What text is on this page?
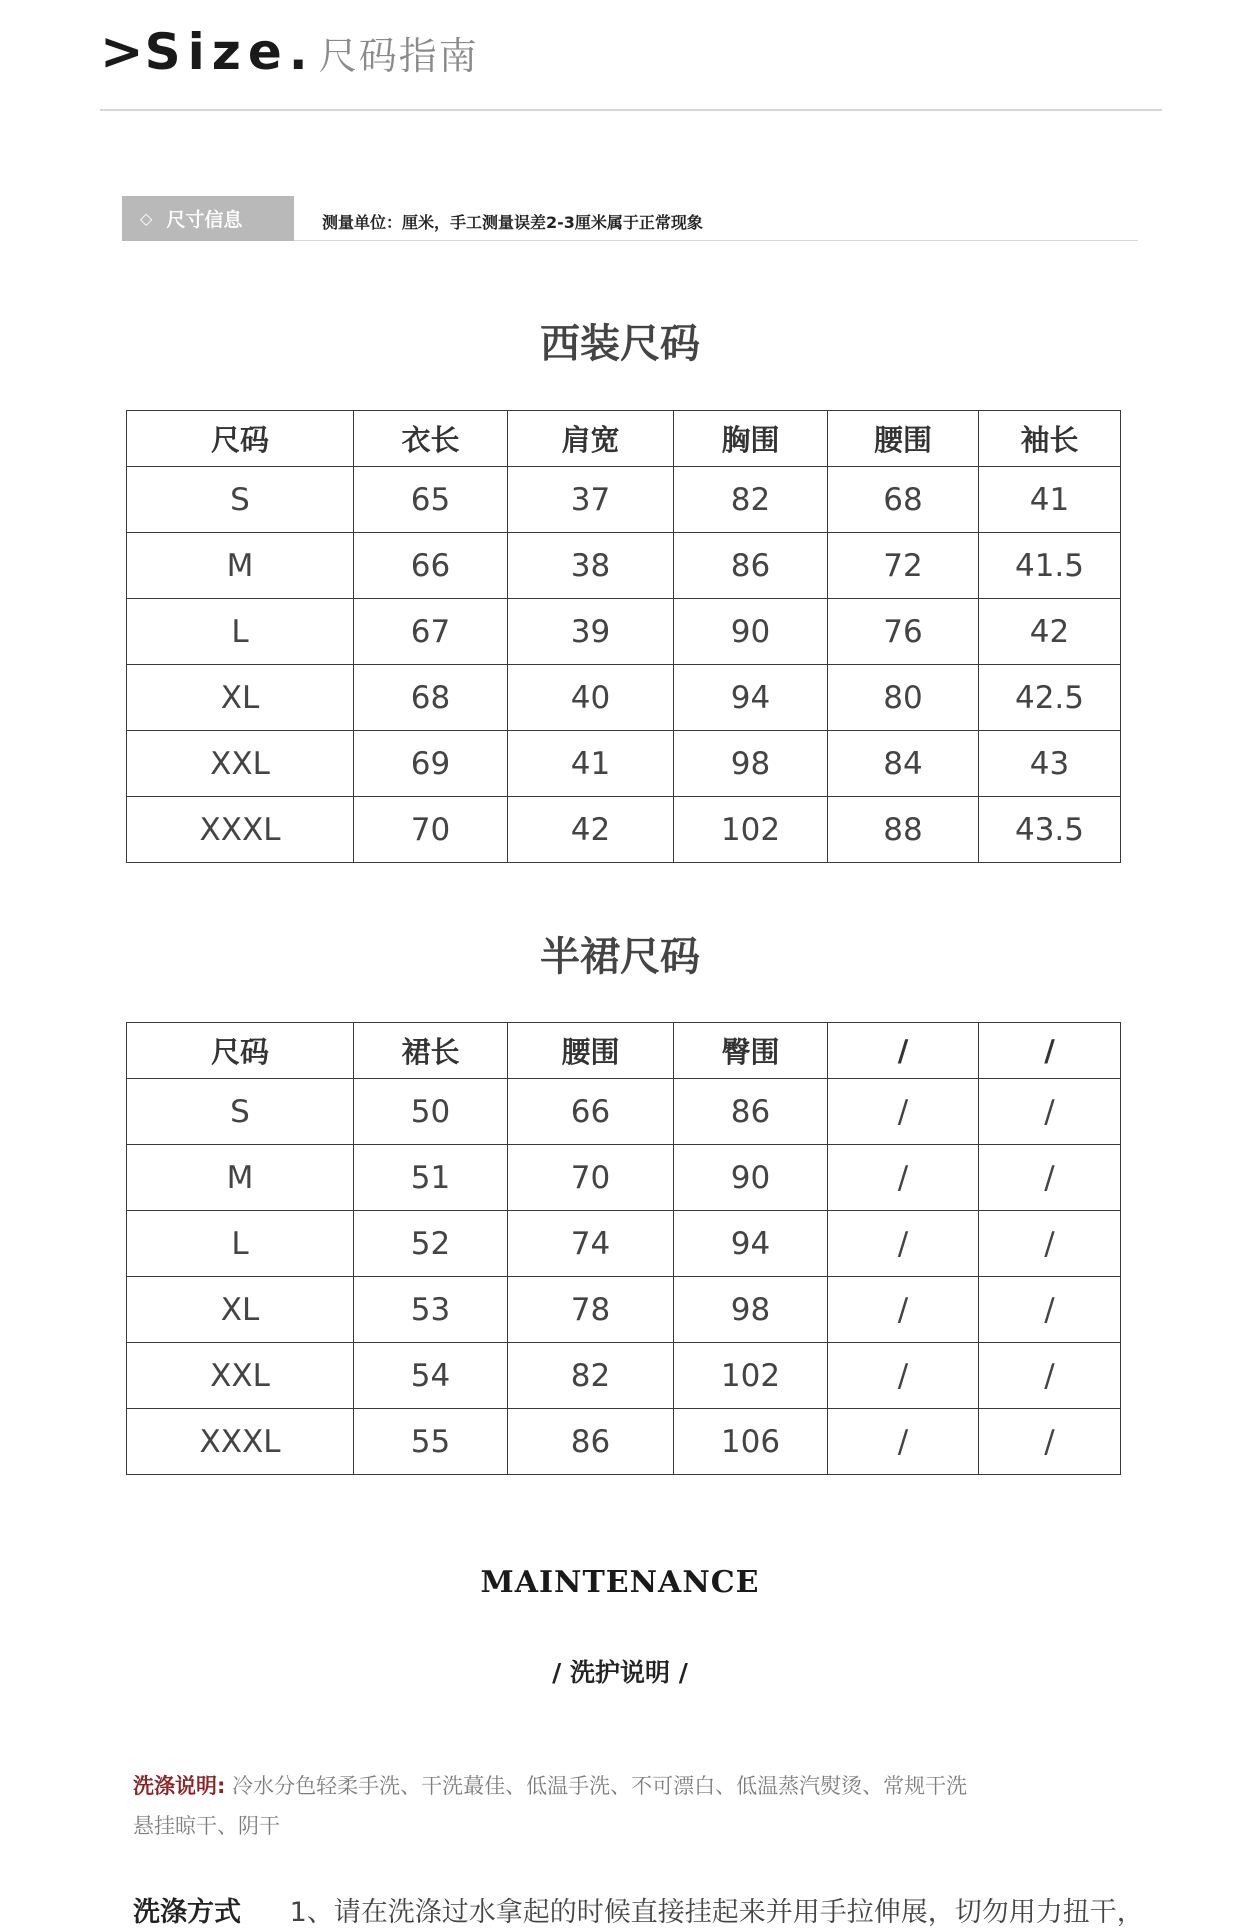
> Size. 尺码指南
◇ 尺寸信息	测量单位：厘米，手工测量误差2-3厘米属于正常现象
西装尺码
尺码	衣长	肩宽	胸围	腰围	袖长
S	65	37	82	68	41
M	66	38	86	72	41.5
L	67	39	90	76	42
XL	68	40	94	80	42.5
XXL	69	41	98	84	43
XXXL	70	42	102	88	43.5
半裙尺码
尺码	裙长	腰围	臀围	/	/
S	50	66	86	/	/
M	51	70	90	/	/
L	52	74	94	/	/
XL	53	78	98	/	/
XXL	54	82	102	/	/
XXXL	55	86	106	/	/
MAINTENANCE
/ 洗护说明 /
洗涤说明: 冷水分色轻柔手洗、干洗蕞佳、低温手洗、不可漂白、低温蒸汽熨烫、常规干洗
悬挂晾干、阴干
洗涤方式 1、请在洗涤过水拿起的时候直接挂起来并用手拉伸展，切勿用力扭干，
